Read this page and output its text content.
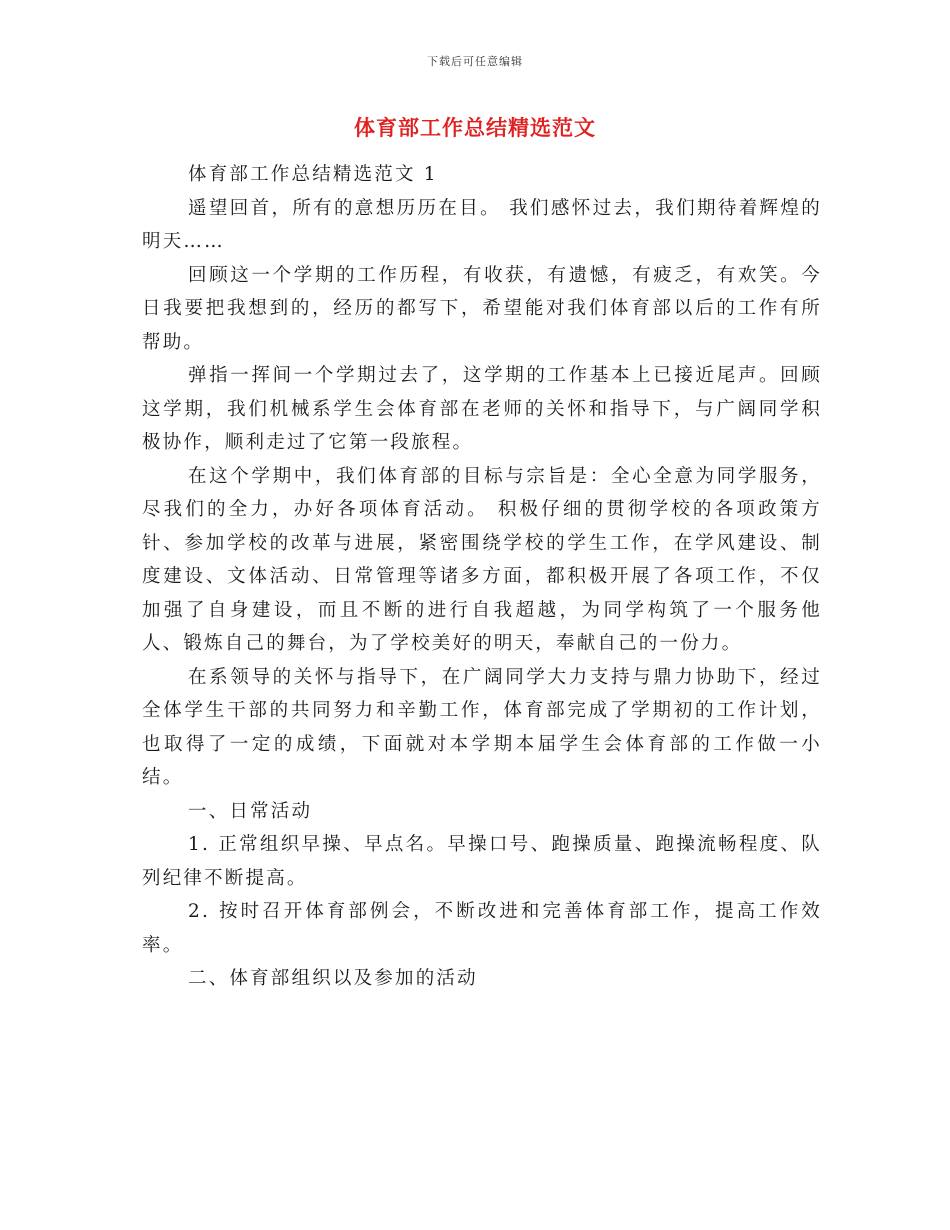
下载后可任意编辑
体育部工作总结精选范文

体育部工作总结精选范文 1

遥望回首，所有的意想历历在目。 我们感怀过去，我们期待着辉煌的明天……

回顾这一个学期的工作历程，有收获，有遗憾，有疲乏，有欢笑。今日我要把我想到的，经历的都写下，希望能对我们体育部以后的工作有所帮助。

弹指一挥间一个学期过去了，这学期的工作基本上已接近尾声。回顾这学期，我们机械系学生会体育部在老师的关怀和指导下，与广阔同学积极协作，顺利走过了它第一段旅程。

在这个学期中，我们体育部的目标与宗旨是：全心全意为同学服务，尽我们的全力，办好各项体育活动。 积极仔细的贯彻学校的各项政策方针、参加学校的改革与进展，紧密围绕学校的学生工作，在学风建设、制度建设、文体活动、日常管理等诸多方面，都积极开展了各项工作，不仅加强了自身建设，而且不断的进行自我超越，为同学构筑了一个服务他人、锻炼自己的舞台，为了学校美好的明天，奉献自己的一份力。

在系领导的关怀与指导下，在广阔同学大力支持与鼎力协助下，经过全体学生干部的共同努力和辛勤工作，体育部完成了学期初的工作计划，也取得了一定的成绩，下面就对本学期本届学生会体育部的工作做一小结。

一、日常活动

1. 正常组织早操、早点名。早操口号、跑操质量、跑操流畅程度、队列纪律不断提高。

2. 按时召开体育部例会，不断改进和完善体育部工作，提高工作效率。

二、体育部组织以及参加的活动
